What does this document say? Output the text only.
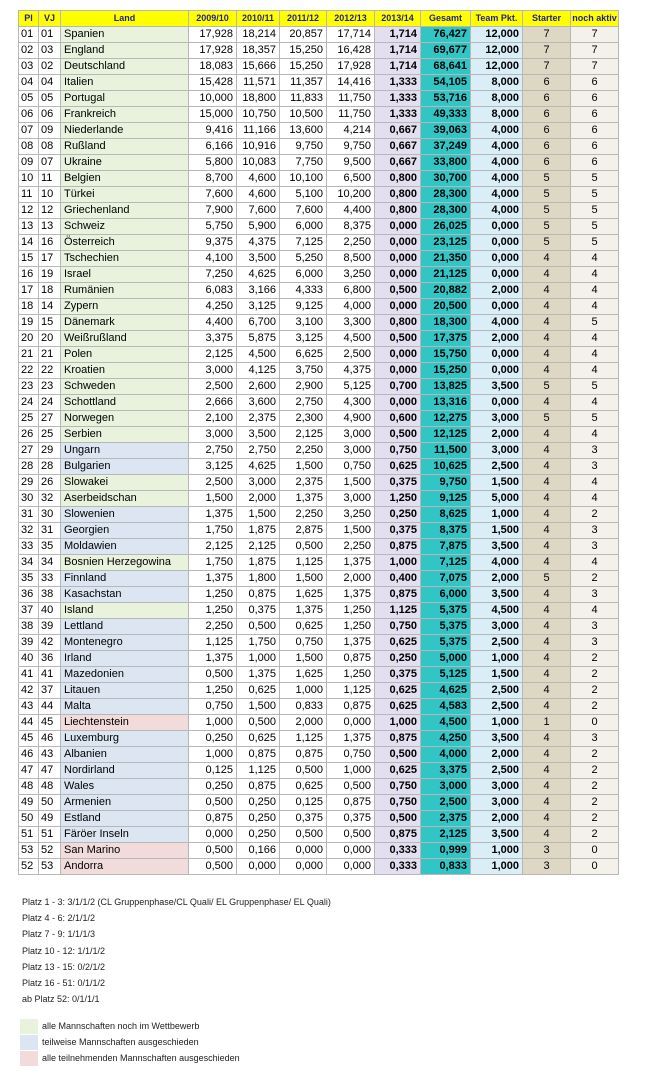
Pl	VJ	Land	2009/10	2010/11	2011/12	2012/13	2013/14	Gesamt	Team Pkt.	Starter	noch aktiv
01	01	Spanien	17,928	18,214	20,857	17,714	1,714	76,427	12,000	7	7
02	03	England	17,928	18,357	15,250	16,428	1,714	69,677	12,000	7	7
03	02	Deutschland	18,083	15,666	15,250	17,928	1,714	68,641	12,000	7	7
04	04	Italien	15,428	11,571	11,357	14,416	1,333	54,105	8,000	6	6
05	05	Portugal	10,000	18,800	11,833	11,750	1,333	53,716	8,000	6	6
06	06	Frankreich	15,000	10,750	10,500	11,750	1,333	49,333	8,000	6	6
07	09	Niederlande	9,416	11,166	13,600	4,214	0,667	39,063	4,000	6	6
08	08	Rußland	6,166	10,916	9,750	9,750	0,667	37,249	4,000	6	6
09	07	Ukraine	5,800	10,083	7,750	9,500	0,667	33,800	4,000	6	6
10	11	Belgien	8,700	4,600	10,100	6,500	0,800	30,700	4,000	5	5
11	10	Türkei	7,600	4,600	5,100	10,200	0,800	28,300	4,000	5	5
12	12	Griechenland	7,900	7,600	7,600	4,400	0,800	28,300	4,000	5	5
13	13	Schweiz	5,750	5,900	6,000	8,375	0,000	26,025	0,000	5	5
14	16	Österreich	9,375	4,375	7,125	2,250	0,000	23,125	0,000	5	5
15	17	Tschechien	4,100	3,500	5,250	8,500	0,000	21,350	0,000	4	4
16	19	Israel	7,250	4,625	6,000	3,250	0,000	21,125	0,000	4	4
17	18	Rumänien	6,083	3,166	4,333	6,800	0,500	20,882	2,000	4	4
18	14	Zypern	4,250	3,125	9,125	4,000	0,000	20,500	0,000	4	4
19	15	Dänemark	4,400	6,700	3,100	3,300	0,800	18,300	4,000	4	5
20	20	Weißrußland	3,375	5,875	3,125	4,500	0,500	17,375	2,000	4	4
21	21	Polen	2,125	4,500	6,625	2,500	0,000	15,750	0,000	4	4
22	22	Kroatien	3,000	4,125	3,750	4,375	0,000	15,250	0,000	4	4
23	23	Schweden	2,500	2,600	2,900	5,125	0,700	13,825	3,500	5	5
24	24	Schottland	2,666	3,600	2,750	4,300	0,000	13,316	0,000	4	4
25	27	Norwegen	2,100	2,375	2,300	4,900	0,600	12,275	3,000	5	5
26	25	Serbien	3,000	3,500	2,125	3,000	0,500	12,125	2,000	4	4
27	29	Ungarn	2,750	2,750	2,250	3,000	0,750	11,500	3,000	4	3
28	28	Bulgarien	3,125	4,625	1,500	0,750	0,625	10,625	2,500	4	3
29	26	Slowakei	2,500	3,000	2,375	1,500	0,375	9,750	1,500	4	4
30	32	Aserbeidschan	1,500	2,000	1,375	3,000	1,250	9,125	5,000	4	4
31	30	Slowenien	1,375	1,500	2,250	3,250	0,250	8,625	1,000	4	2
32	31	Georgien	1,750	1,875	2,875	1,500	0,375	8,375	1,500	4	3
33	35	Moldawien	2,125	2,125	0,500	2,250	0,875	7,875	3,500	4	3
34	34	Bosnien Herzegowina	1,750	1,875	1,125	1,375	1,000	7,125	4,000	4	4
35	33	Finnland	1,375	1,800	1,500	2,000	0,400	7,075	2,000	5	2
36	38	Kasachstan	1,250	0,875	1,625	1,375	0,875	6,000	3,500	4	3
37	40	Island	1,250	0,375	1,375	1,250	1,125	5,375	4,500	4	4
38	39	Lettland	2,250	0,500	0,625	1,250	0,750	5,375	3,000	4	3
39	42	Montenegro	1,125	1,750	0,750	1,375	0,625	5,375	2,500	4	3
40	36	Irland	1,375	1,000	1,500	0,875	0,250	5,000	1,000	4	2
41	41	Mazedonien	0,500	1,375	1,625	1,250	0,375	5,125	1,500	4	2
42	37	Litauen	1,250	0,625	1,000	1,125	0,625	4,625	2,500	4	2
43	44	Malta	0,750	1,500	0,833	0,875	0,625	4,583	2,500	4	2
44	45	Liechtenstein	1,000	0,500	2,000	0,000	1,000	4,500	1,000	1	0
45	46	Luxemburg	0,250	0,625	1,125	1,375	0,875	4,250	3,500	4	3
46	43	Albanien	1,000	0,875	0,875	0,750	0,500	4,000	2,000	4	2
47	47	Nordirland	0,125	1,125	0,500	1,000	0,625	3,375	2,500	4	2
48	48	Wales	0,250	0,875	0,625	0,500	0,750	3,000	3,000	4	2
49	50	Armenien	0,500	0,250	0,125	0,875	0,750	2,500	3,000	4	2
50	49	Estland	0,875	0,250	0,375	0,375	0,500	2,375	2,000	4	2
51	51	Färöer Inseln	0,000	0,250	0,500	0,500	0,875	2,125	3,500	4	2
53	52	San Marino	0,500	0,166	0,000	0,000	0,333	0,999	1,000	3	0
52	53	Andorra	0,500	0,000	0,000	0,000	0,333	0,833	1,000	3	0
Platz 1 - 3: 3/1/1/2 (CL Gruppenphase/CL Quali/ EL Gruppenphase/ EL Quali)
Platz 4 - 6: 2/1/1/2
Platz 7 - 9: 1/1/1/3
Platz 10 - 12: 1/1/1/2
Platz 13 - 15: 0/2/1/2
Platz 16 - 51: 0/1/1/2
ab Platz 52: 0/1/1/1
alle Mannschaften noch im Wettbewerb
teilweise Mannschaften ausgeschieden
alle teilnehmenden Mannschaften ausgeschieden
